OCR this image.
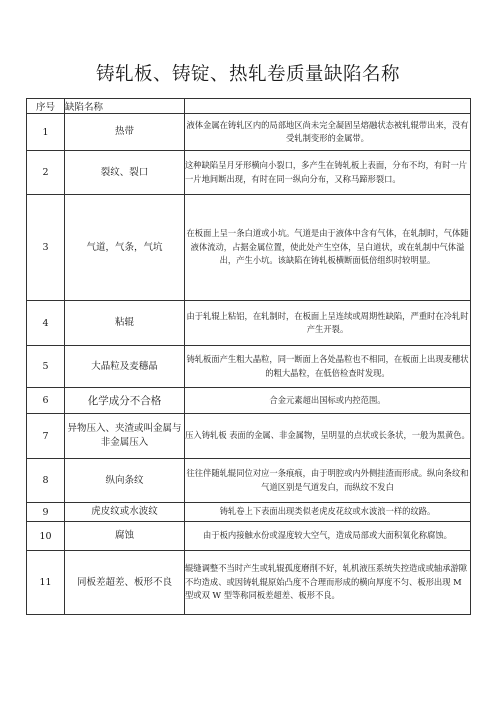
铸轧板、铸锭、热轧卷质量缺陷名称
序号	缺陷名称	
1	热带	液体金属在铸轧区内的局部地区尚未完全凝固呈熔融状态被轧辊带出来，没有受轧制变形的金属带。
2	裂纹、裂口	这种缺陷呈月牙形横向小裂口，多产生在铸轧板上表面，分布不均，有时一片一片地间断出现，有时在同一纵向分布，又称马蹄形裂口。
3	气道，气条，气坑	在板面上呈一条白道或小坑。气道是由于液体中含有气体，在轧制时，气体随液体流动，占据金属位置，使此处产生空体，呈白道状，或在轧制中气体溢出，产生小坑。该缺陷在铸轧板横断面低倍组织时较明显。
4	粘辊	由于轧辊上粘铝，在轧制时，在板面上呈连续或周期性缺陷，严重时在冷轧时产生开裂。
5	大晶粒及麦穗晶	铸轧板面产生粗大晶粒，同一断面上各处晶粒也不相同，在板面上出现麦穗状的粗大晶粒，在低倍检查时发现。
6	化学成分不合格	合金元素超出国标或内控范围。
7	异物压入、夹渣或叫金属与非金属压入	压入铸轧板 表面的金属、非金属物，呈明显的点状或长条状，一般为黑黄色。
8	纵向条纹	往往伴随轧辊同位对应一条痕痕，由于明腔或内外侧挂渣而形成。纵向条纹和气道区别是气道发白，而纵纹不发白
9	虎皮纹或水波纹	铸轧卷上下表面出现类似老虎皮花纹或水波浪一样的纹路。
10	腐蚀	由于板内接触水份或湿度较大空气，造成局部或大面积氧化称腐蚀。
11	同板差超差、板形不良	辊缝调整不当时产生或轧辊孤度磨削不好，轧机液压系统失控造成或轴承游隙不均造成、或因铸轧辊原始凸度不合理而形成的横向厚度不匀、板形出现 M 型或双 W 型等称同板差超差、板形不良。
